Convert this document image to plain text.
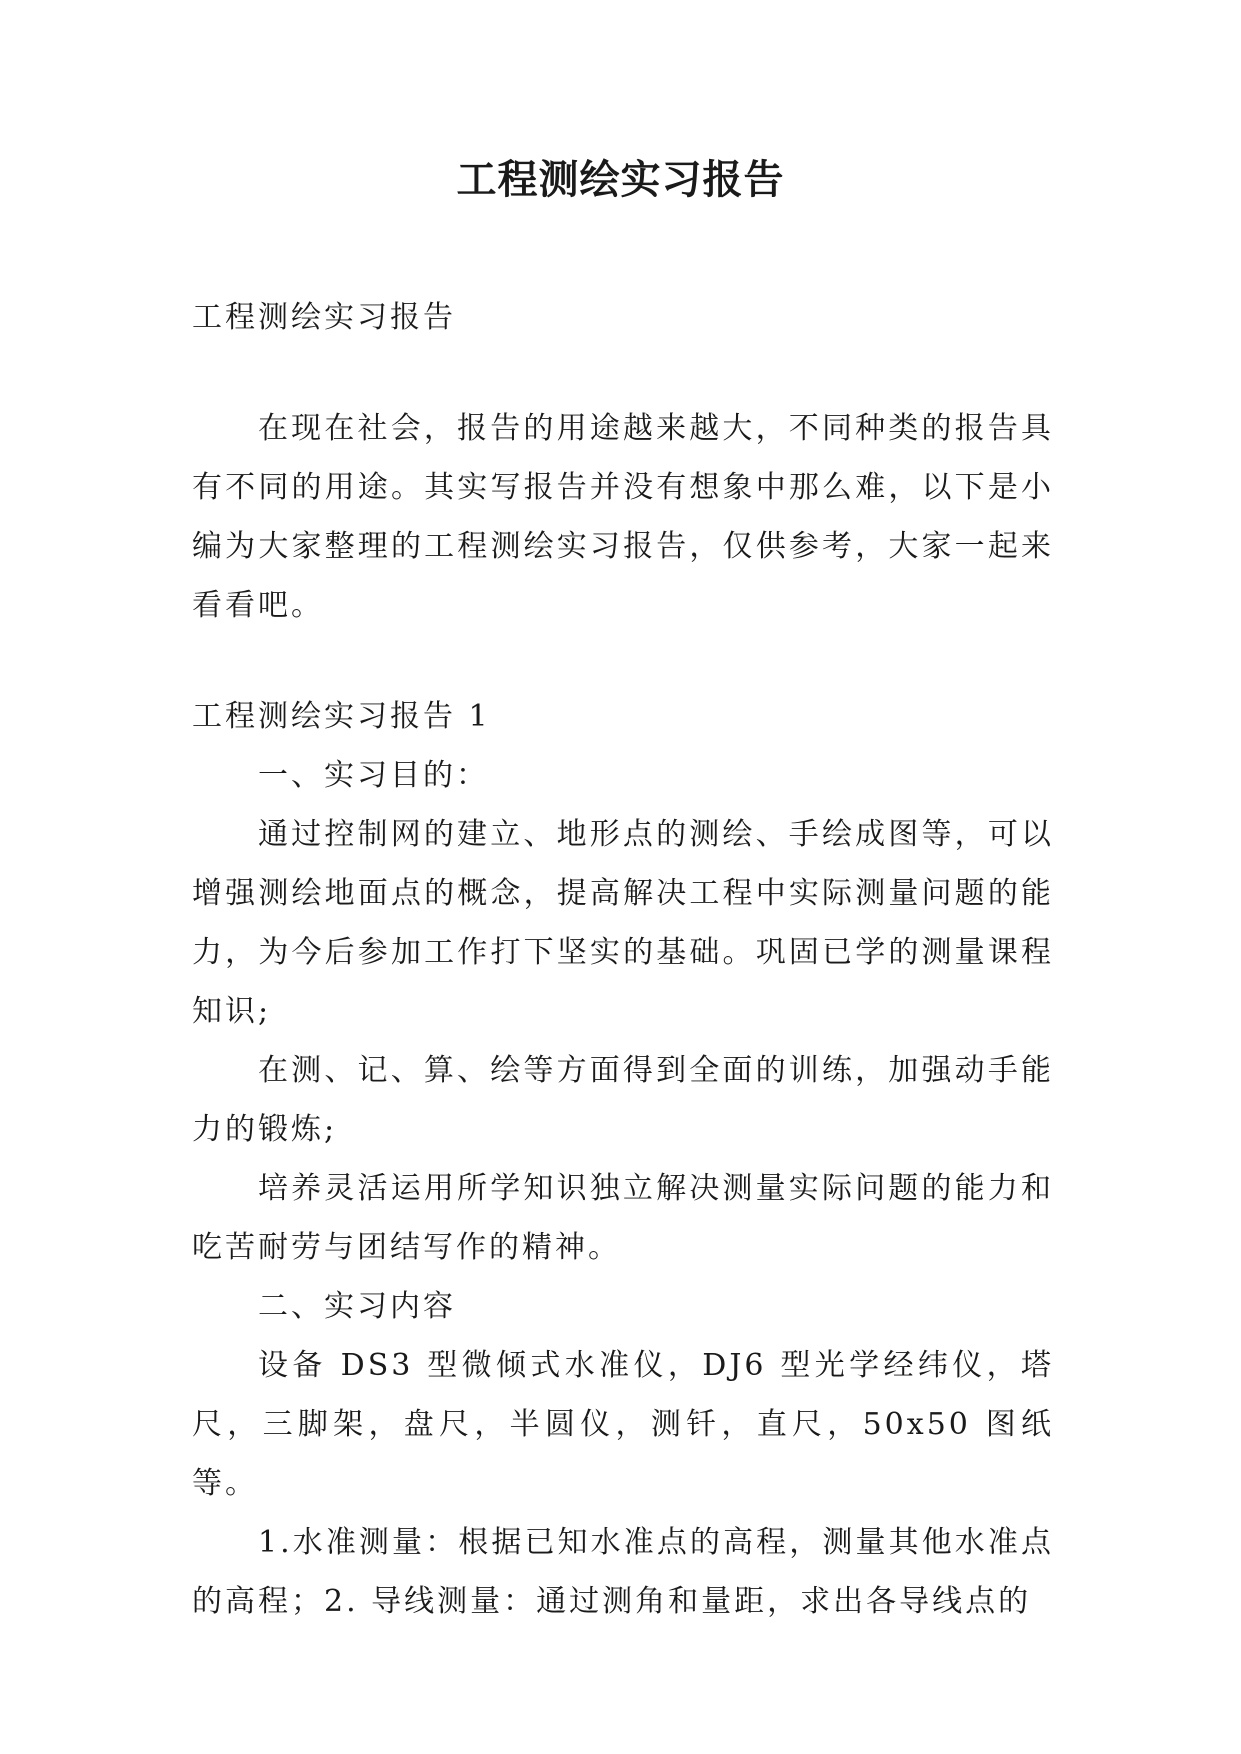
工程测绘实习报告

工程测绘实习报告

在现在社会，报告的用途越来越大，不同种类的报告具有不同的用途。其实写报告并没有想象中那么难，以下是小编为大家整理的工程测绘实习报告，仅供参考，大家一起来看看吧。

工程测绘实习报告 1

一、实习目的：

通过控制网的建立、地形点的测绘、手绘成图等，可以增强测绘地面点的概念，提高解决工程中实际测量问题的能力，为今后参加工作打下坚实的基础。巩固已学的测量课程知识;

在测、记、算、绘等方面得到全面的训练，加强动手能力的锻炼;

培养灵活运用所学知识独立解决测量实际问题的能力和吃苦耐劳与团结写作的精神。

二、实习内容

设备 DS3 型微倾式水准仪，DJ6 型光学经纬仪，塔尺，三脚架，盘尺，半圆仪，测钎，直尺，50x50 图纸等。

1.水准测量：根据已知水准点的高程，测量其他水准点的高程；2. 导线测量：通过测角和量距，求出各导线点的
